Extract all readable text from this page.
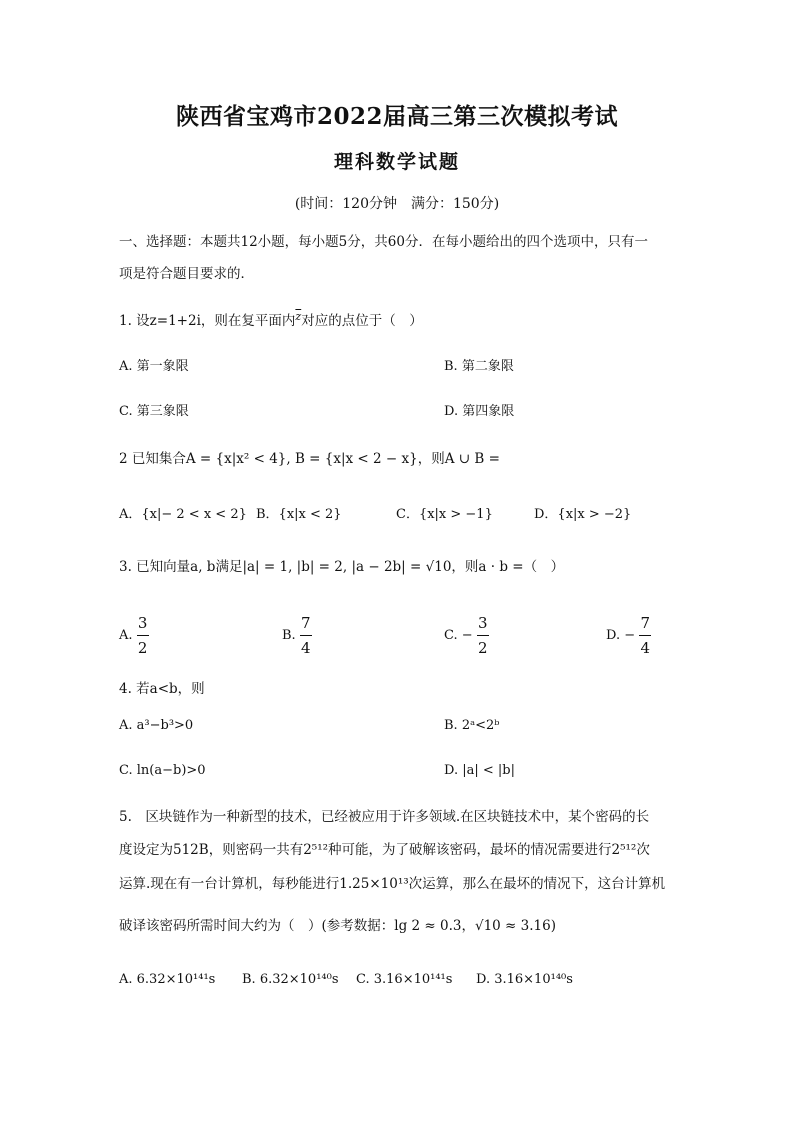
陕西省宝鸡市2022届高三第三次模拟考试
理科数学试题
(时间：120分钟　满分：150分)
一、选择题：本题共12小题，每小题5分，共60分．在每小题给出的四个选项中，只有一
项是符合题目要求的．
1. 设z=1+2i，则在复平面内$^{\overline{z}}$对应的点位于（　）
A. 第一象限	B. 第二象限
C. 第三象限	D. 第四象限
2 已知集合A = {x|x² < 4}, B = {x|x < 2 − x}，则A ∪ B =
A．{x|− 2 < x < 2} B．{x|x < 2}	C．{x|x > −1}	D．{x|x > −2}
3. 已知向量a, b满足|a| = 1, |b| = 2, |a − 2b| = √10，则a · b =（　）
A. $\frac{3}{2}$	B. $\frac{7}{4}$	C. − $\frac{3}{2}$	D. − $\frac{7}{4}$
4. 若a<b，则
A. a³−b³>0	B. 2ᵃ<2ᵇ
C. ln(a−b)>0	D. |a| < |b|
5.　区块链作为一种新型的技术，已经被应用于许多领域.在区块链技术中，某个密码的长
度设定为512B，则密码一共有2⁵¹²种可能，为了破解该密码，最坏的情况需要进行2⁵¹²次
运算.现在有一台计算机，每秒能进行1.25×10¹³次运算，那么在最坏的情况下，这台计算机
破译该密码所需时间大约为（　）(参考数据：lg 2 ≈ 0.3，√10 ≈ 3.16)
A. 6.32×10¹⁴¹s B. 6.32×10¹⁴⁰s C. 3.16×10¹⁴¹s D. 3.16×10¹⁴⁰s
